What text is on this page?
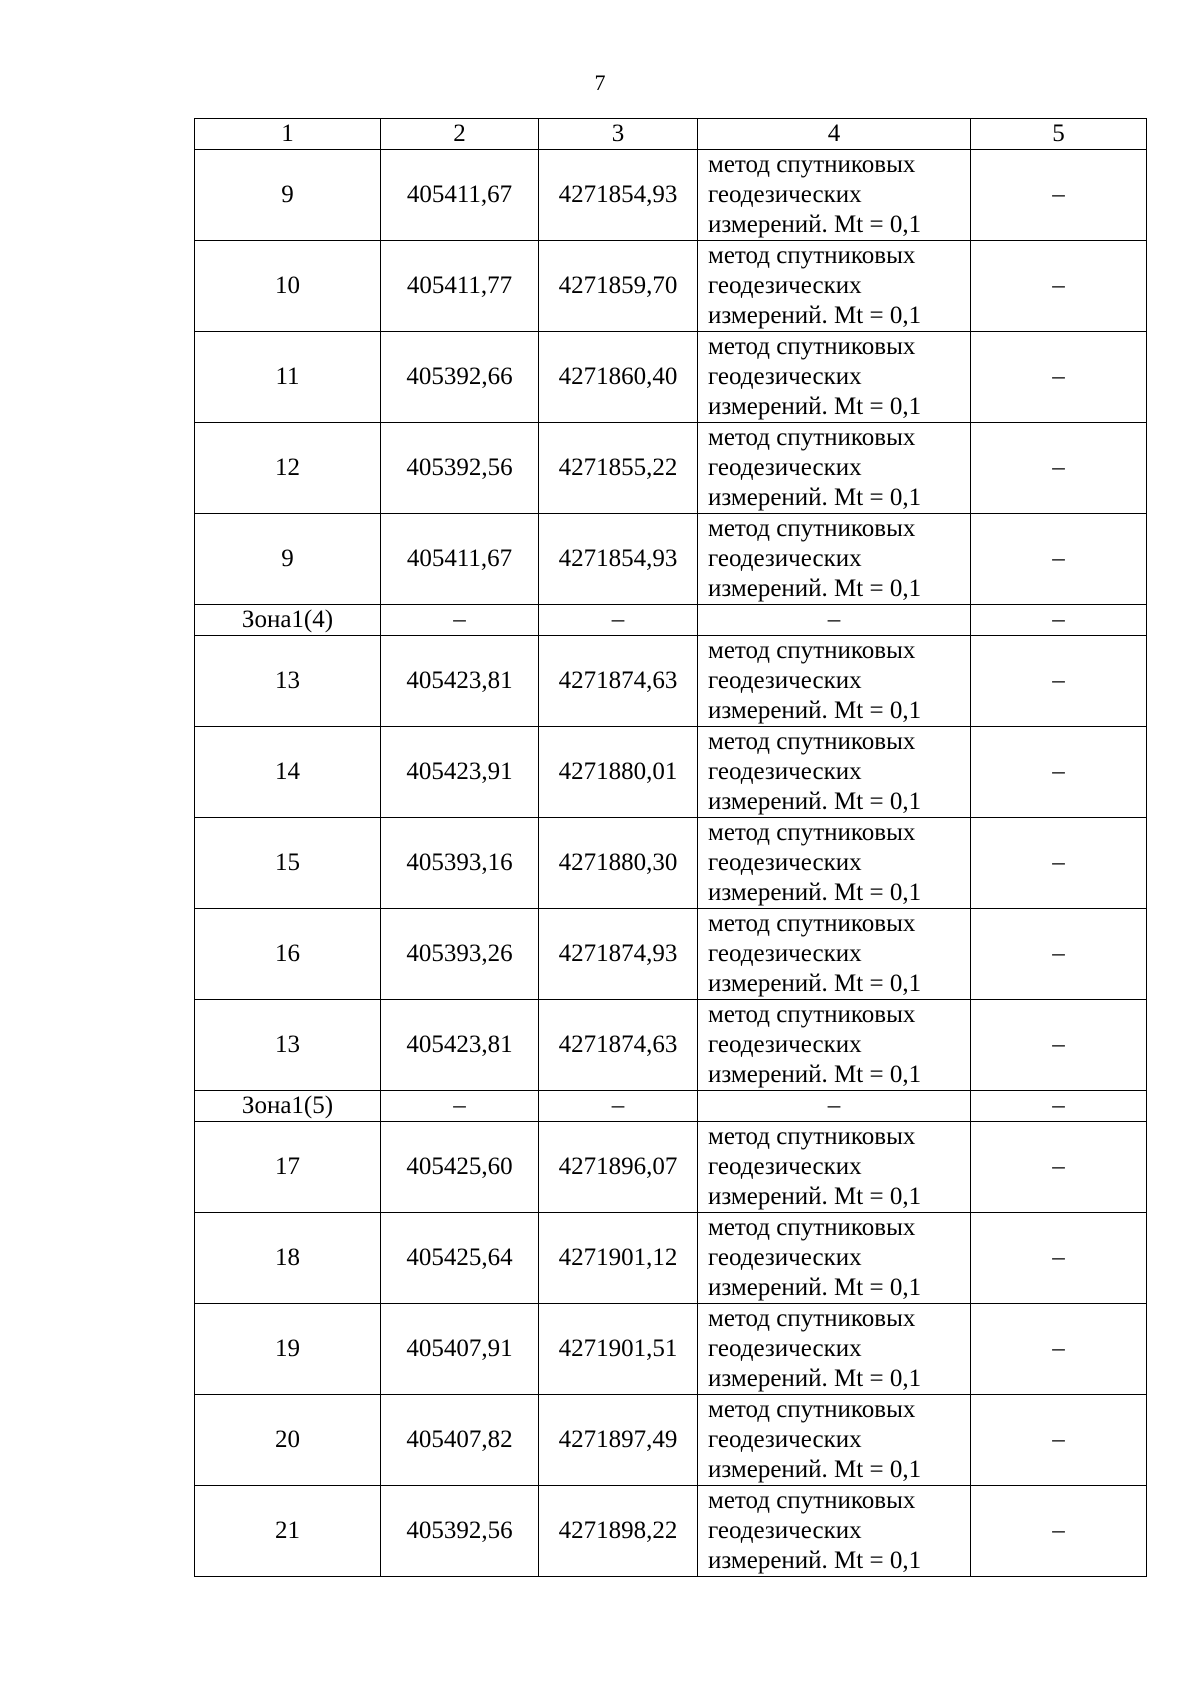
7
1	2	3	4	5
9	405411,67	4271854,93	метод спутниковых
геодезических
измерений. Mt = 0,1	–
10	405411,77	4271859,70	метод спутниковых
геодезических
измерений. Mt = 0,1	–
11	405392,66	4271860,40	метод спутниковых
геодезических
измерений. Mt = 0,1	–
12	405392,56	4271855,22	метод спутниковых
геодезических
измерений. Mt = 0,1	–
9	405411,67	4271854,93	метод спутниковых
геодезических
измерений. Mt = 0,1	–
Зона1(4)	–	–	–	–
13	405423,81	4271874,63	метод спутниковых
геодезических
измерений. Mt = 0,1	–
14	405423,91	4271880,01	метод спутниковых
геодезических
измерений. Mt = 0,1	–
15	405393,16	4271880,30	метод спутниковых
геодезических
измерений. Mt = 0,1	–
16	405393,26	4271874,93	метод спутниковых
геодезических
измерений. Mt = 0,1	–
13	405423,81	4271874,63	метод спутниковых
геодезических
измерений. Mt = 0,1	–
Зона1(5)	–	–	–	–
17	405425,60	4271896,07	метод спутниковых
геодезических
измерений. Mt = 0,1	–
18	405425,64	4271901,12	метод спутниковых
геодезических
измерений. Mt = 0,1	–
19	405407,91	4271901,51	метод спутниковых
геодезических
измерений. Mt = 0,1	–
20	405407,82	4271897,49	метод спутниковых
геодезических
измерений. Mt = 0,1	–
21	405392,56	4271898,22	метод спутниковых
геодезических
измерений. Mt = 0,1	–
